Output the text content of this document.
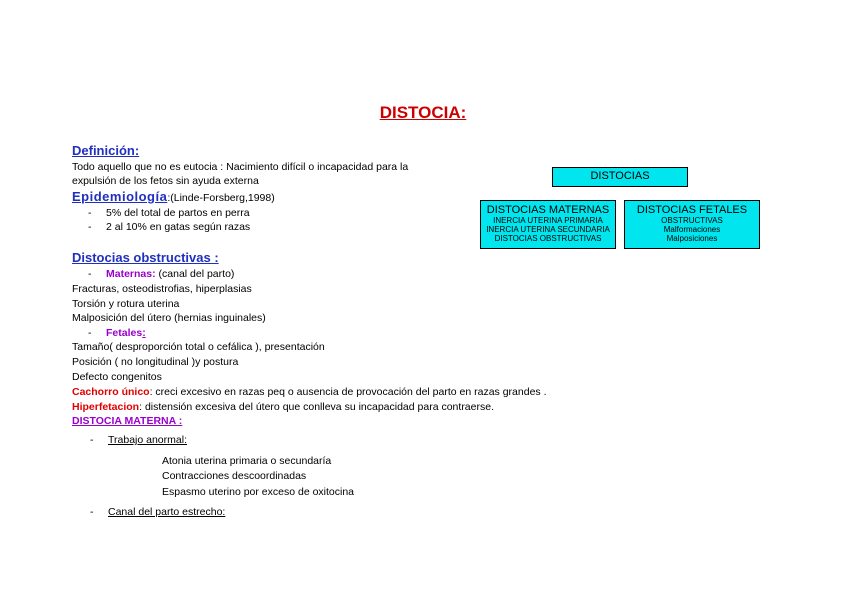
DISTOCIA:
Definición:
Todo aquello que no es eutocia : Nacimiento difícil o incapacidad para la
expulsión de los fetos sin ayuda externa
Epidemiología:(Linde-Forsberg,1998)
- 5% del total de partos en perra
- 2 al 10% en gatas según razas
Distocias obstructivas :
- Maternas: (canal del parto)
Fracturas, osteodistrofias, hiperplasias
Torsión y rotura uterina
Malposición del útero (hernias inguinales)
- Fetales:
Tamaño( desproporción total o cefálica ), presentación
Posición ( no longitudinal )y postura
Defecto congenitos
Cachorro único: creci excesivo en razas peq o ausencia de provocación del parto en razas grandes .
Hiperfetacion: distensión excesiva del útero que conlleva su incapacidad para contraerse.
DISTOCIA MATERNA :
- Trabajo anormal:
Atonia uterina primaria o secundaría
Contracciones descoordinadas
Espasmo uterino por exceso de oxitocina
- Canal del parto estrecho:
DISTOCIAS
DISTOCIAS MATERNAS
INERCIA UTERINA PRIMARIA
INERCIA UTERINA SECUNDARIA
DISTOCIAS OBSTRUCTIVAS
DISTOCIAS FETALES
OBSTRUCTIVAS
Malformaciones
Malposiciones
